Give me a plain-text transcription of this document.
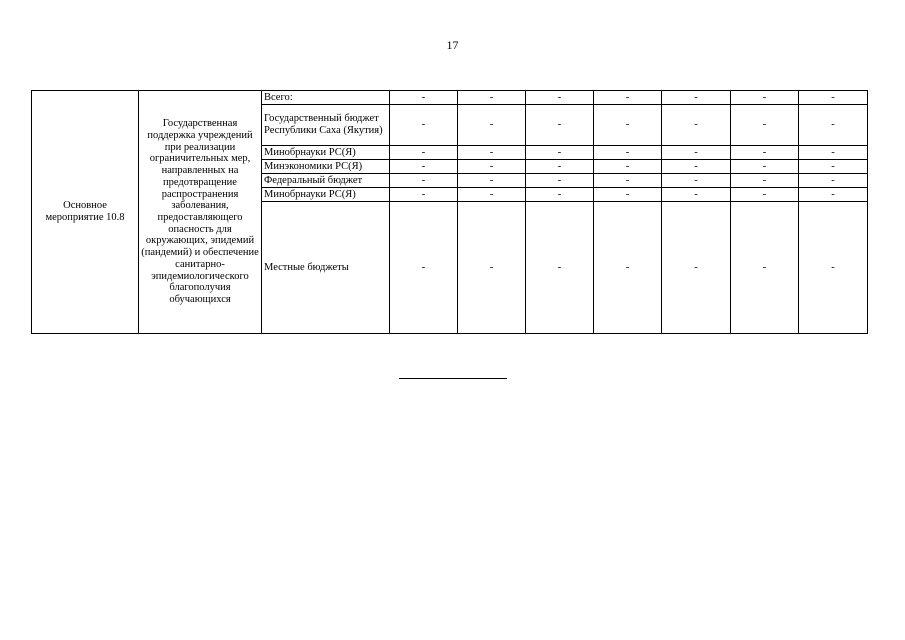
17
Основное мероприятие 10.8	Государственная поддержка учреждений при реализации ограничительных мер, направленных на предотвращение распространения заболевания, предоставляющего опасность для окружающих, эпидемий (пандемий) и обеспечение санитарно-эпидемиологического благополучия обучающихся	Всего:	-	-	-	-	-	-	-
		Государственный бюджет Республики Саха (Якутия)	-	-	-	-	-	-	-
		Минобрнауки РС(Я)	-	-	-	-	-	-	-
		Минэкономики РС(Я)	-	-	-	-	-	-	-
		Федеральный бюджет	-	-	-	-	-	-	-
		Минобрнауки РС(Я)	-	-	-	-	-	-	-
		Местные бюджеты	-	-	-	-	-	-	-
